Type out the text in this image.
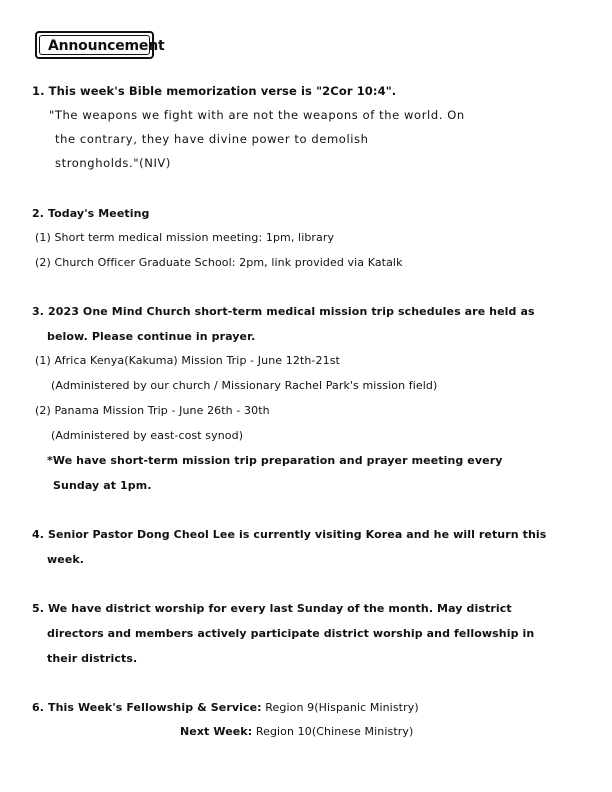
Announcement
1. This week's Bible memorization verse is "2Cor 10:4".
"The weapons we fight with are not the weapons of the world. On
the contrary, they have divine power to demolish
strongholds."(NIV)
2. Today's Meeting
(1) Short term medical mission meeting: 1pm, library
(2) Church Officer Graduate School: 2pm, link provided via Katalk
3. 2023 One Mind Church short-term medical mission trip schedules are held as
below. Please continue in prayer.
(1) Africa Kenya(Kakuma) Mission Trip - June 12th-21st
(Administered by our church / Missionary Rachel Park's mission field)
(2) Panama Mission Trip - June 26th - 30th
(Administered by east-cost synod)
*We have short-term mission trip preparation and prayer meeting every
Sunday at 1pm.
4. Senior Pastor Dong Cheol Lee is currently visiting Korea and he will return this
week.
5. We have district worship for every last Sunday of the month. May district
directors and members actively participate district worship and fellowship in
their districts.
6. This Week's Fellowship & Service: Region 9(Hispanic Ministry)
Next Week: Region 10(Chinese Ministry)
